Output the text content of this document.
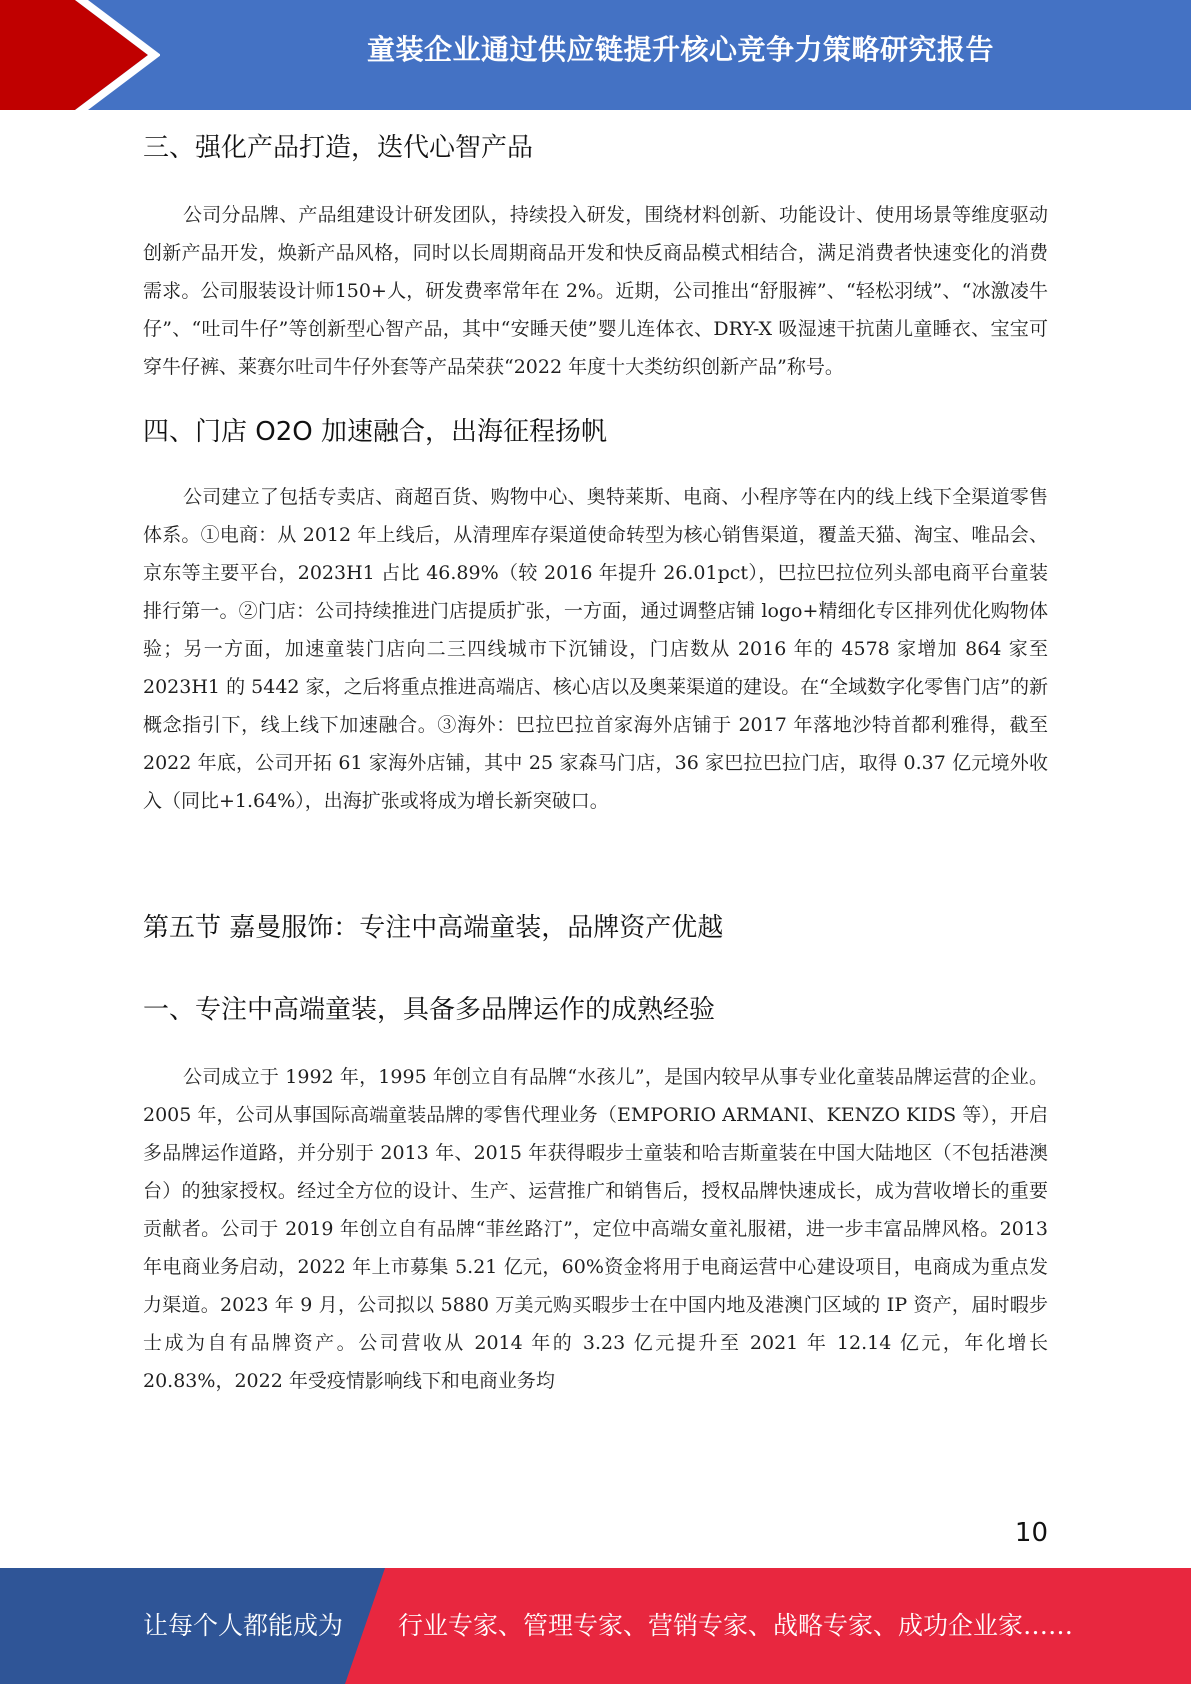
童装企业通过供应链提升核心竞争力策略研究报告
三、强化产品打造，迭代心智产品

公司分品牌、产品组建设计研发团队，持续投入研发，围绕材料创新、功能设计、使用场景等维度驱动创新产品开发，焕新产品风格，同时以长周期商品开发和快反商品模式相结合，满足消费者快速变化的消费需求。公司服装设计师150+人，研发费率常年在 2%。近期，公司推出“舒服裤”、“轻松羽绒”、“冰激凌牛仔”、“吐司牛仔”等创新型心智产品，其中“安睡天使”婴儿连体衣、DRY-X 吸湿速干抗菌儿童睡衣、宝宝可穿牛仔裤、莱赛尔吐司牛仔外套等产品荣获“2022 年度十大类纺织创新产品”称号。

四、门店 O2O 加速融合，出海征程扬帆

公司建立了包括专卖店、商超百货、购物中心、奥特莱斯、电商、小程序等在内的线上线下全渠道零售体系。①电商：从 2012 年上线后，从清理库存渠道使命转型为核心销售渠道，覆盖天猫、淘宝、唯品会、京东等主要平台，2023H1 占比 46.89%（较 2016 年提升 26.01pct），巴拉巴拉位列头部电商平台童装排行第一。②门店：公司持续推进门店提质扩张，一方面，通过调整店铺 logo+精细化专区排列优化购物体验；另一方面，加速童装门店向二三四线城市下沉铺设，门店数从 2016 年的 4578 家增加 864 家至 2023H1 的 5442 家，之后将重点推进高端店、核心店以及奥莱渠道的建设。在“全域数字化零售门店”的新概念指引下，线上线下加速融合。③海外：巴拉巴拉首家海外店铺于 2017 年落地沙特首都利雅得，截至 2022 年底，公司开拓 61 家海外店铺，其中 25 家森马门店，36 家巴拉巴拉门店，取得 0.37 亿元境外收入（同比+1.64%），出海扩张或将成为增长新突破口。

第五节 嘉曼服饰：专注中高端童装，品牌资产优越
一、专注中高端童装，具备多品牌运作的成熟经验

公司成立于 1992 年，1995 年创立自有品牌“水孩儿”，是国内较早从事专业化童装品牌运营的企业。2005 年，公司从事国际高端童装品牌的零售代理业务（EMPORIO ARMANI、KENZO KIDS 等），开启多品牌运作道路，并分别于 2013 年、2015 年获得暇步士童装和哈吉斯童装在中国大陆地区（不包括港澳台）的独家授权。经过全方位的设计、生产、运营推广和销售后，授权品牌快速成长，成为营收增长的重要贡献者。公司于 2019 年创立自有品牌“菲丝路汀”，定位中高端女童礼服裙，进一步丰富品牌风格。2013 年电商业务启动，2022 年上市募集 5.21 亿元，60%资金将用于电商运营中心建设项目，电商成为重点发力渠道。2023 年 9 月，公司拟以 5880 万美元购买暇步士在中国内地及港澳门区域的 IP 资产，届时暇步士成为自有品牌资产。公司营收从 2014 年的 3.23 亿元提升至 2021 年 12.14 亿元，年化增长 20.83%，2022 年受疫情影响线下和电商业务均

10
让每个人都能成为 行业专家、管理专家、营销专家、战略专家、成功企业家……
